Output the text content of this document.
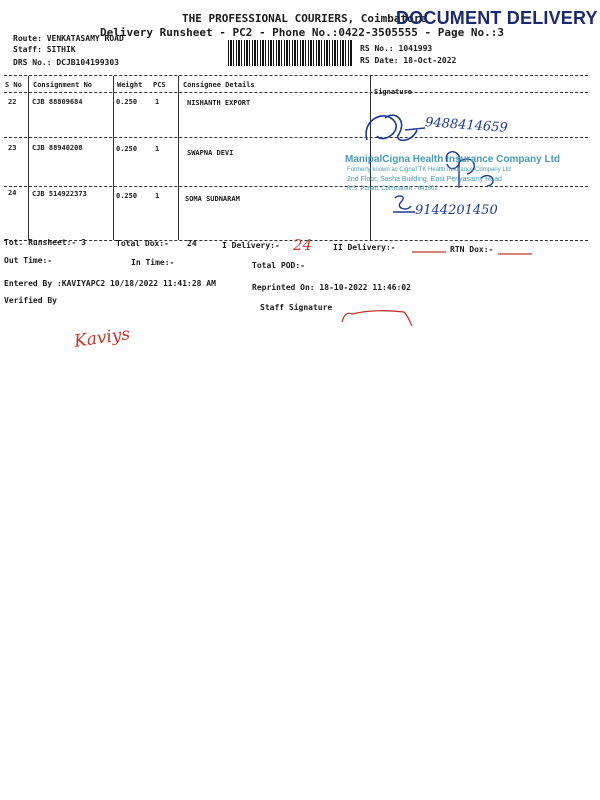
THE PROFESSIONAL COURIERS, Coimbatore
DOCUMENT DELIVERY
Delivery Runsheet - PC2 - Phone No.:0422-3505555 - Page No.:3
Route: VENKATASAMY ROAD
Staff: SITHIK
DRS No.: DCJB104199303
RS No.: 1041993
RS Date: 18-Oct-2022
S No Consignment No	Weight PCS Consignee Details
Signature
22 CJB 88809684	0.250	1	NISHANTH EXPORT
23 CJB 88940208	0.250	1	SWAPNA DEVI
24 CJB 514922373	0.250	1	SOMA SUDNARAM
9488414659
9144201450
ManipalCigna Health Insurance Company Ltd
Formerly known as CignaTTK Health Insurance Company Ltd
2nd Floor, Sasha Building, East Periyasamy Road
R.S. Puram, Coimbatore - 641002
Tot. Runsheet:- 3	Total Dox:- 24	I Delivery:- 24	II Delivery:-	RTN Dox:-
Out Time:-	In Time:-	Total POD:-
Entered By :KAVIYAPC2 10/18/2022 11:41:28 AM	Reprinted On: 18-10-2022 11:46:02
Verified By
Staff Signature
Kaviys
